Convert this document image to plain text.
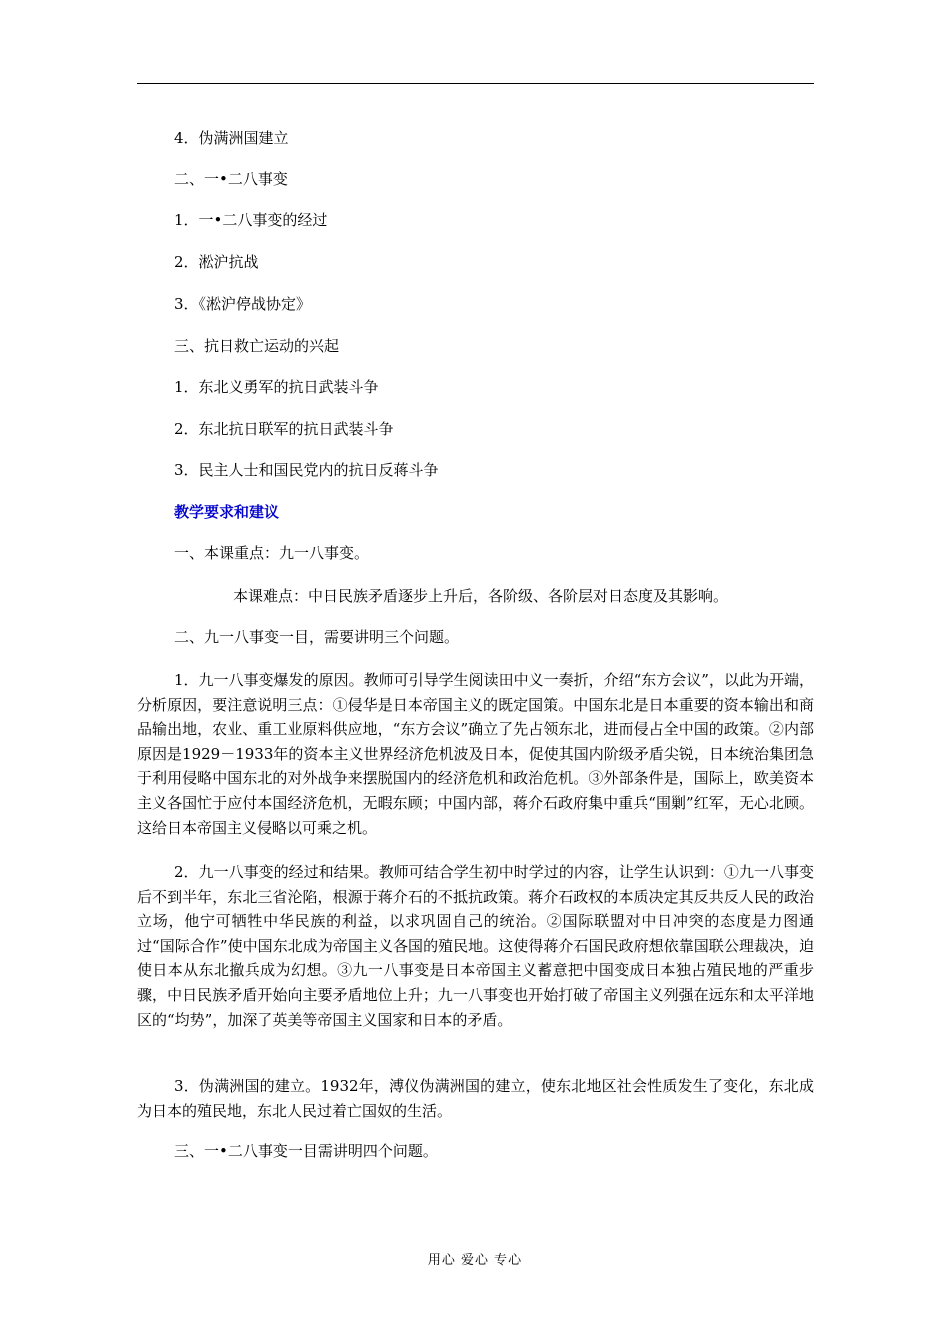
4．伪满洲国建立
二、一•二八事变
1．一•二八事变的经过
2．淞沪抗战
3．《淞沪停战协定》
三、抗日救亡运动的兴起
1．东北义勇军的抗日武装斗争
2．东北抗日联军的抗日武装斗争
3．民主人士和国民党内的抗日反蒋斗争
教学要求和建议
一、本课重点：九一八事变。
本课难点：中日民族矛盾逐步上升后，各阶级、各阶层对日态度及其影响。
二、九一八事变一目，需要讲明三个问题。
1．九一八事变爆发的原因。教师可引导学生阅读田中义一奏折，介绍“东方会议”，以此为开端，分析原因，要注意说明三点：①侵华是日本帝国主义的既定国策。中国东北是日本重要的资本输出和商品输出地，农业、重工业原料供应地，“东方会议”确立了先占领东北，进而侵占全中国的政策。②内部原因是1929－1933年的资本主义世界经济危机波及日本，促使其国内阶级矛盾尖锐，日本统治集团急于利用侵略中国东北的对外战争来摆脱国内的经济危机和政治危机。③外部条件是，国际上，欧美资本主义各国忙于应付本国经济危机，无暇东顾；中国内部，蒋介石政府集中重兵“围剿”红军，无心北顾。这给日本帝国主义侵略以可乘之机。
2．九一八事变的经过和结果。教师可结合学生初中时学过的内容，让学生认识到：①九一八事变后不到半年，东北三省沦陷，根源于蒋介石的不抵抗政策。蒋介石政权的本质决定其反共反人民的政治立场，他宁可牺牲中华民族的利益，以求巩固自己的统治。②国际联盟对中日冲突的态度是力图通过“国际合作”使中国东北成为帝国主义各国的殖民地。这使得蒋介石国民政府想依靠国联公理裁决，迫使日本从东北撤兵成为幻想。③九一八事变是日本帝国主义蓄意把中国变成日本独占殖民地的严重步骤，中日民族矛盾开始向主要矛盾地位上升；九一八事变也开始打破了帝国主义列强在远东和太平洋地区的“均势”，加深了英美等帝国主义国家和日本的矛盾。
3．伪满洲国的建立。1932年，溥仪伪满洲国的建立，使东北地区社会性质发生了变化，东北成为日本的殖民地，东北人民过着亡国奴的生活。
三、一•二八事变一目需讲明四个问题。
用心 爱心 专心
